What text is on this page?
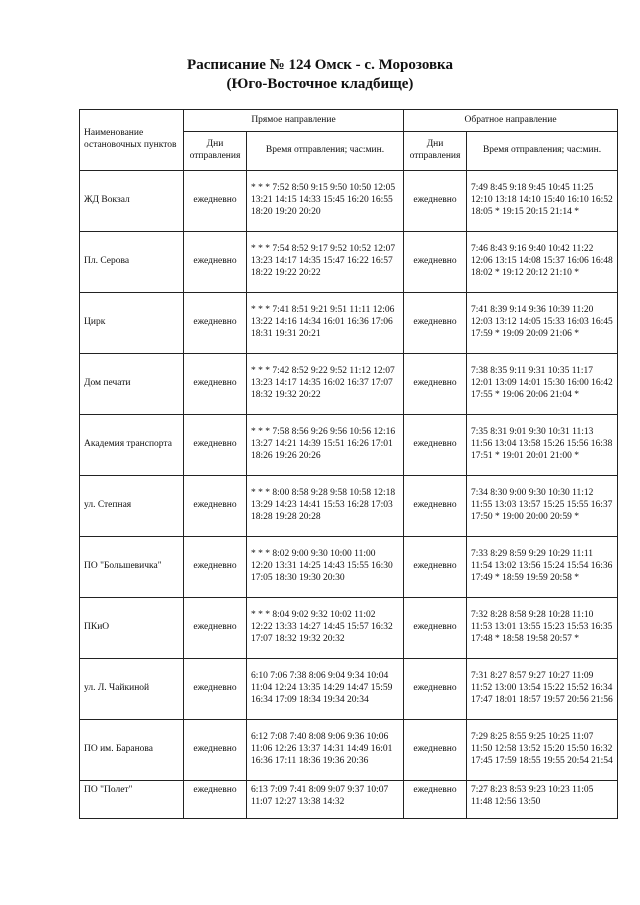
Расписание № 124 Омск - с. Морозовка
(Юго-Восточное кладбище)
Наименование остановочных пунктов	Прямое направление		Обратное направление	
	Дни отправления	Время отправления; час:мин.	Дни отправления	Время отправления; час:мин.
ЖД Вокзал	ежедневно	* * * 7:52 8:50 9:15 9:50 10:50 12:05 13:21 14:15 14:33 15:45 16:20 16:55 18:20 19:20 20:20	ежедневно	7:49 8:45 9:18 9:45 10:45 11:25 12:10 13:18 14:10 15:40 16:10 16:52 18:05 * 19:15 20:15 21:14 *
Пл. Серова	ежедневно	* * * 7:54 8:52 9:17 9:52 10:52 12:07 13:23 14:17 14:35 15:47 16:22 16:57 18:22 19:22 20:22	ежедневно	7:46 8:43 9:16 9:40 10:42 11:22 12:06 13:15 14:08 15:37 16:06 16:48 18:02 * 19:12 20:12 21:10 *
Цирк	ежедневно	* * * 7:41 8:51 9:21 9:51 11:11 12:06 13:22 14:16 14:34 16:01 16:36 17:06 18:31 19:31 20:21	ежедневно	7:41 8:39 9:14 9:36 10:39 11:20 12:03 13:12 14:05 15:33 16:03 16:45 17:59 * 19:09 20:09 21:06 *
Дом печати	ежедневно	* * * 7:42 8:52 9:22 9:52 11:12 12:07 13:23 14:17 14:35 16:02 16:37 17:07 18:32 19:32 20:22	ежедневно	7:38 8:35 9:11 9:31 10:35 11:17 12:01 13:09 14:01 15:30 16:00 16:42 17:55 * 19:06 20:06 21:04 *
Академия транспорта	ежедневно	* * * 7:58 8:56 9:26 9:56 10:56 12:16 13:27 14:21 14:39 15:51 16:26 17:01 18:26 19:26 20:26	ежедневно	7:35 8:31 9:01 9:30 10:31 11:13 11:56 13:04 13:58 15:26 15:56 16:38 17:51 * 19:01 20:01 21:00 *
ул. Степная	ежедневно	* * * 8:00 8:58 9:28 9:58 10:58 12:18 13:29 14:23 14:41 15:53 16:28 17:03 18:28 19:28 20:28	ежедневно	7:34 8:30 9:00 9:30 10:30 11:12 11:55 13:03 13:57 15:25 15:55 16:37 17:50 * 19:00 20:00 20:59 *
ПО "Большевичка"	ежедневно	* * * 8:02 9:00 9:30 10:00 11:00 12:20 13:31 14:25 14:43 15:55 16:30 17:05 18:30 19:30 20:30	ежедневно	7:33 8:29 8:59 9:29 10:29 11:11 11:54 13:02 13:56 15:24 15:54 16:36 17:49 * 18:59 19:59 20:58 *
ПКиО	ежедневно	* * * 8:04 9:02 9:32 10:02 11:02 12:22 13:33 14:27 14:45 15:57 16:32 17:07 18:32 19:32 20:32	ежедневно	7:32 8:28 8:58 9:28 10:28 11:10 11:53 13:01 13:55 15:23 15:53 16:35 17:48 * 18:58 19:58 20:57 *
ул. Л. Чайкиной	ежедневно	6:10 7:06 7:38 8:06 9:04 9:34 10:04 11:04 12:24 13:35 14:29 14:47 15:59 16:34 17:09 18:34 19:34 20:34	ежедневно	7:31 8:27 8:57 9:27 10:27 11:09 11:52 13:00 13:54 15:22 15:52 16:34 17:47 18:01 18:57 19:57 20:56 21:56
ПО им. Баранова	ежедневно	6:12 7:08 7:40 8:08 9:06 9:36 10:06 11:06 12:26 13:37 14:31 14:49 16:01 16:36 17:11 18:36 19:36 20:36	ежедневно	7:29 8:25 8:55 9:25 10:25 11:07 11:50 12:58 13:52 15:20 15:50 16:32 17:45 17:59 18:55 19:55 20:54 21:54
ПО "Полет"	ежедневно	6:13 7:09 7:41 8:09 9:07 9:37 10:07 11:07 12:27 13:38 14:32	ежедневно	7:27 8:23 8:53 9:23 10:23 11:05 11:48 12:56 13:50
